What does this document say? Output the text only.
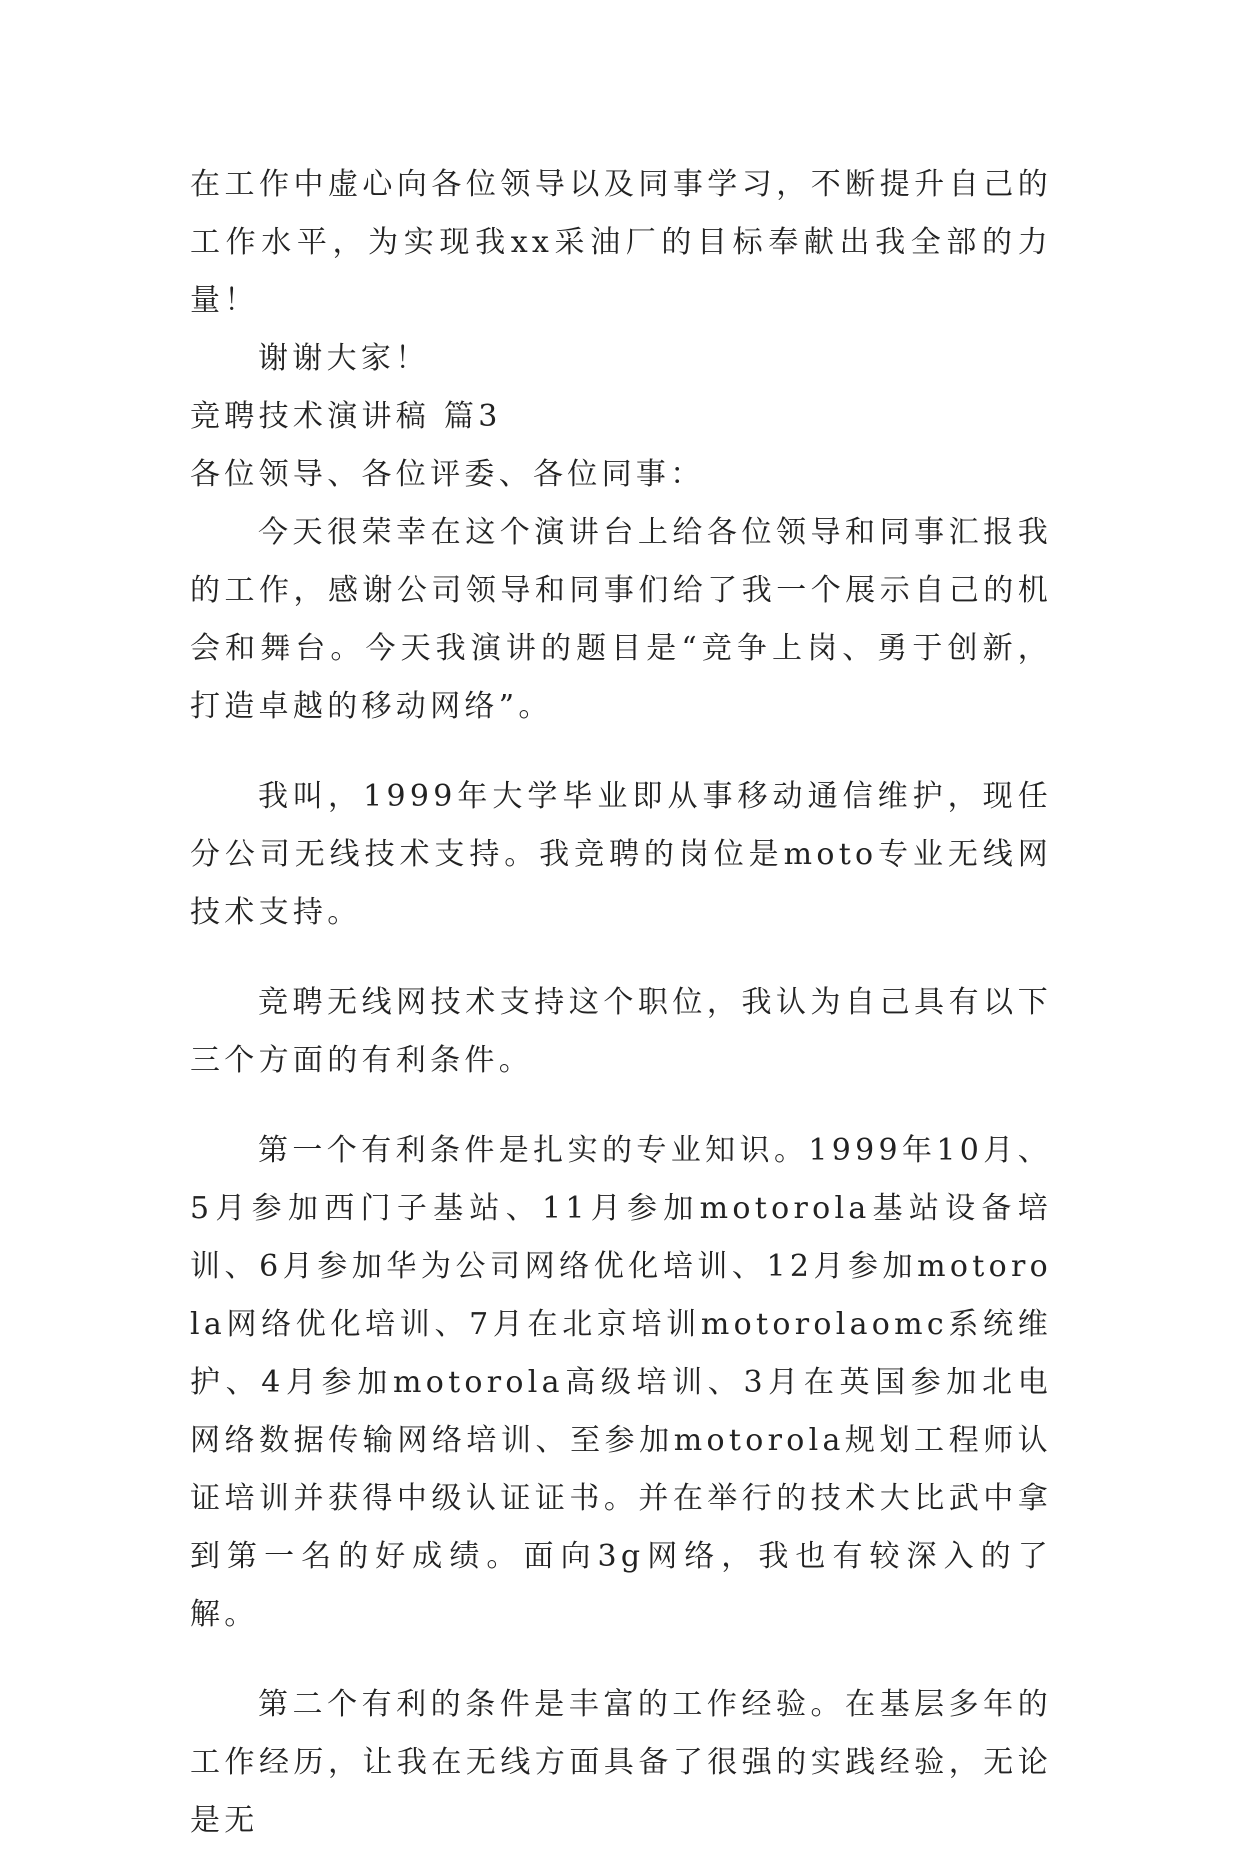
在工作中虚心向各位领导以及同事学习，不断提升自己的工作水平，为实现我xx采油厂的目标奉献出我全部的力量！

谢谢大家！

竞聘技术演讲稿 篇3

各位领导、各位评委、各位同事：

今天很荣幸在这个演讲台上给各位领导和同事汇报我的工作，感谢公司领导和同事们给了我一个展示自己的机会和舞台。今天我演讲的题目是“竞争上岗、勇于创新，打造卓越的移动网络”。

我叫，1999年大学毕业即从事移动通信维护，现任分公司无线技术支持。我竞聘的岗位是moto专业无线网技术支持。

竞聘无线网技术支持这个职位，我认为自己具有以下三个方面的有利条件。

第一个有利条件是扎实的专业知识。1999年10月、5月参加西门子基站、11月参加motorola基站设备培训、6月参加华为公司网络优化培训、12月参加motorola网络优化培训、7月在北京培训motorolaomc系统维护、4月参加motorola高级培训、3月在英国参加北电网络数据传输网络培训、至参加motorola规划工程师认证培训并获得中级认证证书。并在举行的技术大比武中拿到第一名的好成绩。面向3g网络，我也有较深入的了解。

第二个有利的条件是丰富的工作经验。在基层多年的工作经历，让我在无线方面具备了很强的实践经验，无论是无
